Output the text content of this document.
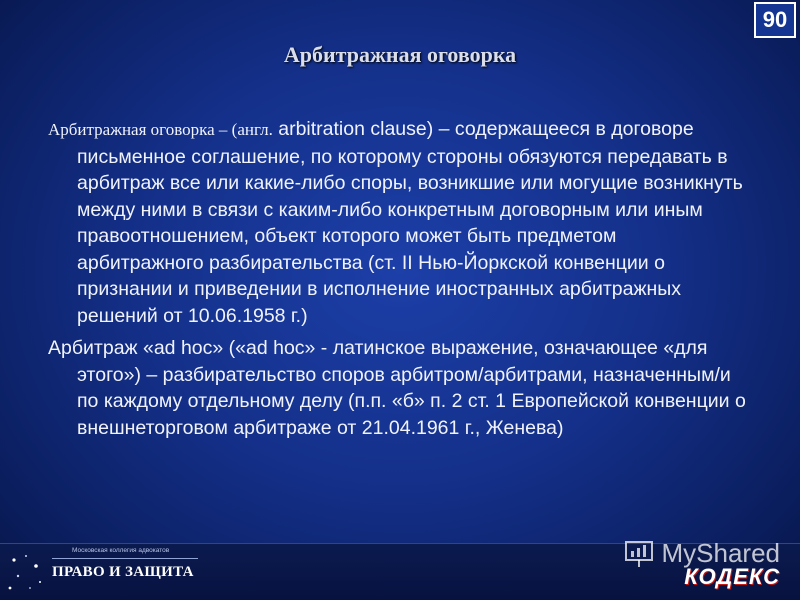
90
Арбитражная оговорка

Арбитражная оговорка – (англ. arbitration clause) – содержащееся в договоре письменное соглашение, по которому стороны обязуются передавать в арбитраж все или какие-либо споры, возникшие или могущие возникнуть между ними в связи с каким-либо конкретным договорным или иным правоотношением, объект которого может быть предметом арбитражного разбирательства (ст. II Нью-Йоркской конвенции о признании и приведении в исполнение иностранных арбитражных решений от 10.06.1958 г.)

Арбитраж «ad hoc» («ad hoc» - латинское выражение, означающее «для этого») – разбирательство споров арбитром/арбитрами, назначенным/и по каждому отдельному делу (п.п. «б» п. 2 ст. 1 Европейской конвенции о внешнеторговом арбитраже от 21.04.1961 г., Женева)

Московская коллегия адвокатов
ПРАВО И ЗАЩИТА	КОДЕКС
MyShared
